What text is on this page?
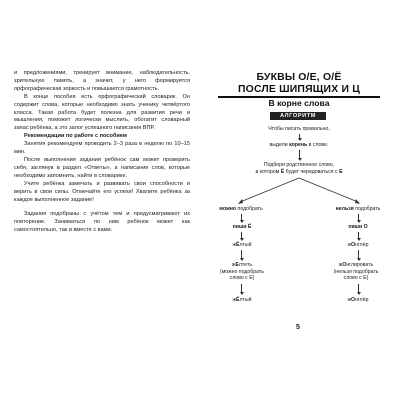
и предложениями, тренирует внимание, наблюдательность, зрительную память, а значит, у него формируется орфографическая зоркость и повышается грамотность.

В конце пособия есть орфографический словарик. Он содержит слова, которые необходимо знать ученику четвёртого класса. Такая работа будет полезна для развития речи и мышления, поможет логически мыслить, обогатит словарный запас ребёнка, а это залог успешного написания ВПР.

Рекомендации по работе с пособием

Занятия рекомендуем проводить 2–3 раза в неделю по 10–15 мин.

После выполнения задания ребёнок сам может проверить себя, заглянув в раздел «Ответы», а написание слов, которые необходимо запомнить, найти в словарике.

Учите ребёнка замечать и развивать свои способности и верить в свои силы. Отмечайте его успехи! Хвалите ребёнка за каждое выполненное задание!

Задания подобраны с учётом тем и предусматривают их повторение. Заниматься по ним ребёнок может как самостоятельно, так и вместе с вами.

БУКВЫ О/Е, О/Ё
ПОСЛЕ ШИПЯЩИХ И Ц
В корне слова
АЛГОРИТМ
Чтобы писать правильно,
выдели корень в слове.
Подбери родственное слово,
в котором Ё будет чередоваться с Е
можно подобрать	нельзя подобрать
пиши Ё	пиши О
жЁлтый	жОнглёр
жЕлтеть
(можно подобрать
слово с Е)
жОнглировать
(нельзя подобрать
слово с Е)
жЁлтый	жОнглёр
5
